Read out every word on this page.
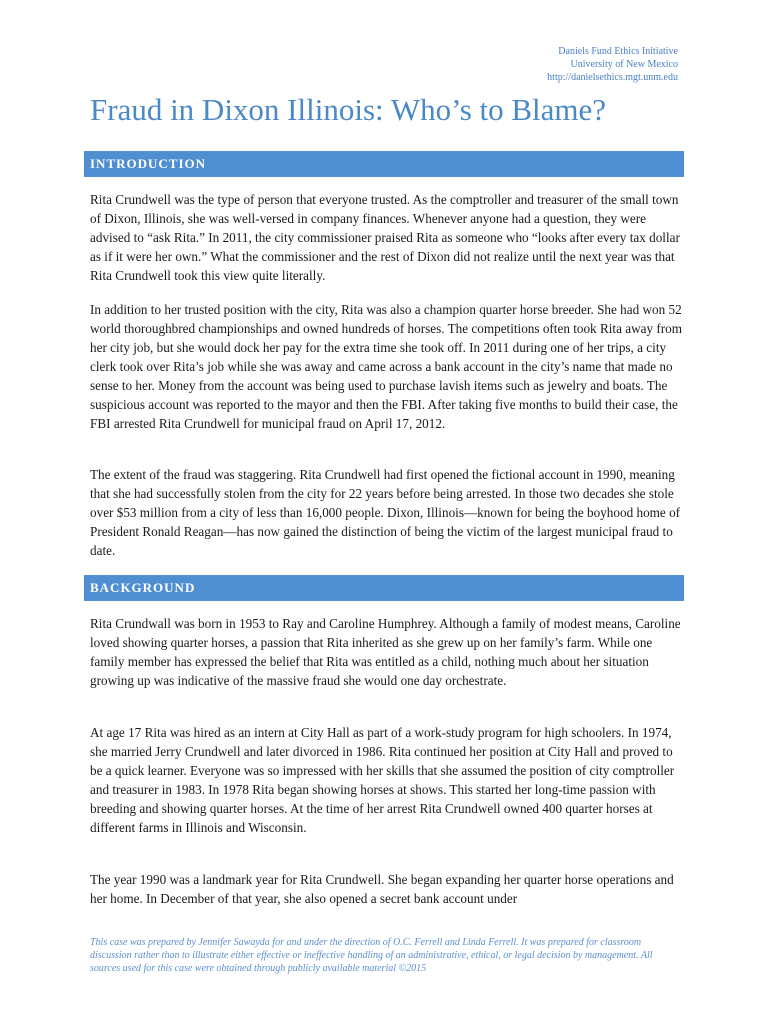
Daniels Fund Ethics Initiative
University of New Mexico
http://danielsethics.mgt.unm.edu
Fraud in Dixon Illinois: Who’s to Blame?
INTRODUCTION

Rita Crundwell was the type of person that everyone trusted. As the comptroller and treasurer of the small town of Dixon, Illinois, she was well-versed in company finances. Whenever anyone had a question, they were advised to “ask Rita.” In 2011, the city commissioner praised Rita as someone who “looks after every tax dollar as if it were her own.” What the commissioner and the rest of Dixon did not realize until the next year was that Rita Crundwell took this view quite literally.

In addition to her trusted position with the city, Rita was also a champion quarter horse breeder. She had won 52 world thoroughbred championships and owned hundreds of horses. The competitions often took Rita away from her city job, but she would dock her pay for the extra time she took off. In 2011 during one of her trips, a city clerk took over Rita’s job while she was away and came across a bank account in the city’s name that made no sense to her. Money from the account was being used to purchase lavish items such as jewelry and boats. The suspicious account was reported to the mayor and then the FBI. After taking five months to build their case, the FBI arrested Rita Crundwell for municipal fraud on April 17, 2012.

The extent of the fraud was staggering. Rita Crundwell had first opened the fictional account in 1990, meaning that she had successfully stolen from the city for 22 years before being arrested. In those two decades she stole over $53 million from a city of less than 16,000 people. Dixon, Illinois—known for being the boyhood home of President Ronald Reagan—has now gained the distinction of being the victim of the largest municipal fraud to date.

BACKGROUND

Rita Crundwall was born in 1953 to Ray and Caroline Humphrey. Although a family of modest means, Caroline loved showing quarter horses, a passion that Rita inherited as she grew up on her family’s farm. While one family member has expressed the belief that Rita was entitled as a child, nothing much about her situation growing up was indicative of the massive fraud she would one day orchestrate.

At age 17 Rita was hired as an intern at City Hall as part of a work-study program for high schoolers. In 1974, she married Jerry Crundwell and later divorced in 1986. Rita continued her position at City Hall and proved to be a quick learner. Everyone was so impressed with her skills that she assumed the position of city comptroller and treasurer in 1983. In 1978 Rita began showing horses at shows. This started her long-time passion with breeding and showing quarter horses. At the time of her arrest Rita Crundwell owned 400 quarter horses at different farms in Illinois and Wisconsin.

The year 1990 was a landmark year for Rita Crundwell. She began expanding her quarter horse operations and her home. In December of that year, she also opened a secret bank account under

This case was prepared by Jennifer Sawayda for and under the direction of O.C. Ferrell and Linda Ferrell. It was prepared for classroom discussion rather than to illustrate either effective or ineffective handling of an administrative, ethical, or legal decision by management. All sources used for this case were obtained through publicly available material ©2015
